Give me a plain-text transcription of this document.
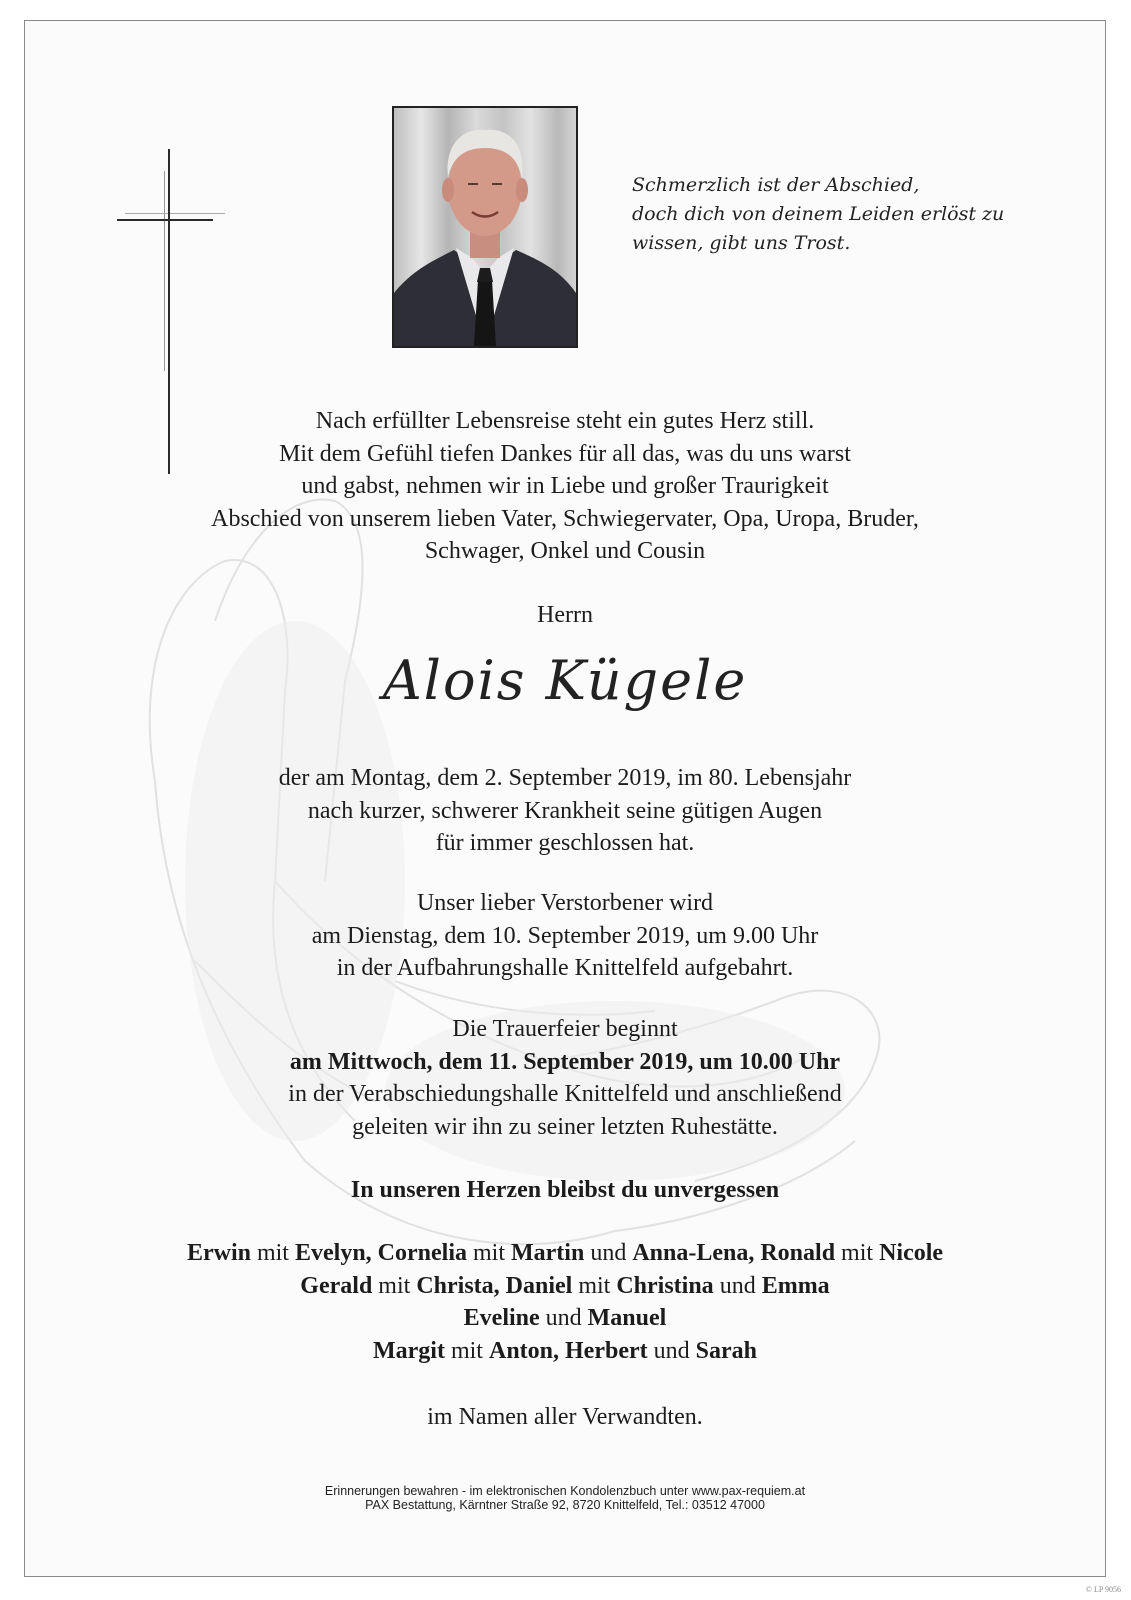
Schmerzlich ist der Abschied,
doch dich von deinem Leiden erlöst zu
wissen, gibt uns Trost.
Nach erfüllter Lebensreise steht ein gutes Herz still.
Mit dem Gefühl tiefen Dankes für all das, was du uns warst
und gabst, nehmen wir in Liebe und großer Traurigkeit
Abschied von unserem lieben Vater, Schwiegervater, Opa, Uropa, Bruder,
Schwager, Onkel und Cousin
Herrn
Alois Kügele
der am Montag, dem 2. September 2019, im 80. Lebensjahr
nach kurzer, schwerer Krankheit seine gütigen Augen
für immer geschlossen hat.
Unser lieber Verstorbener wird
am Dienstag, dem 10. September 2019, um 9.00 Uhr
in der Aufbahrungshalle Knittelfeld aufgebahrt.
Die Trauerfeier beginnt
am Mittwoch, dem 11. September 2019, um 10.00 Uhr
in der Verabschiedungshalle Knittelfeld und anschließend
geleiten wir ihn zu seiner letzten Ruhestätte.
In unseren Herzen bleibst du unvergessen
Erwin mit Evelyn, Cornelia mit Martin und Anna-Lena, Ronald mit Nicole
Gerald mit Christa, Daniel mit Christina und Emma
Eveline und Manuel
Margit mit Anton, Herbert und Sarah
im Namen aller Verwandten.
Erinnerungen bewahren - im elektronischen Kondolenzbuch unter www.pax-requiem.at
PAX Bestattung, Kärntner Straße 92, 8720 Knittelfeld, Tel.: 03512 47000
© LP 9056
